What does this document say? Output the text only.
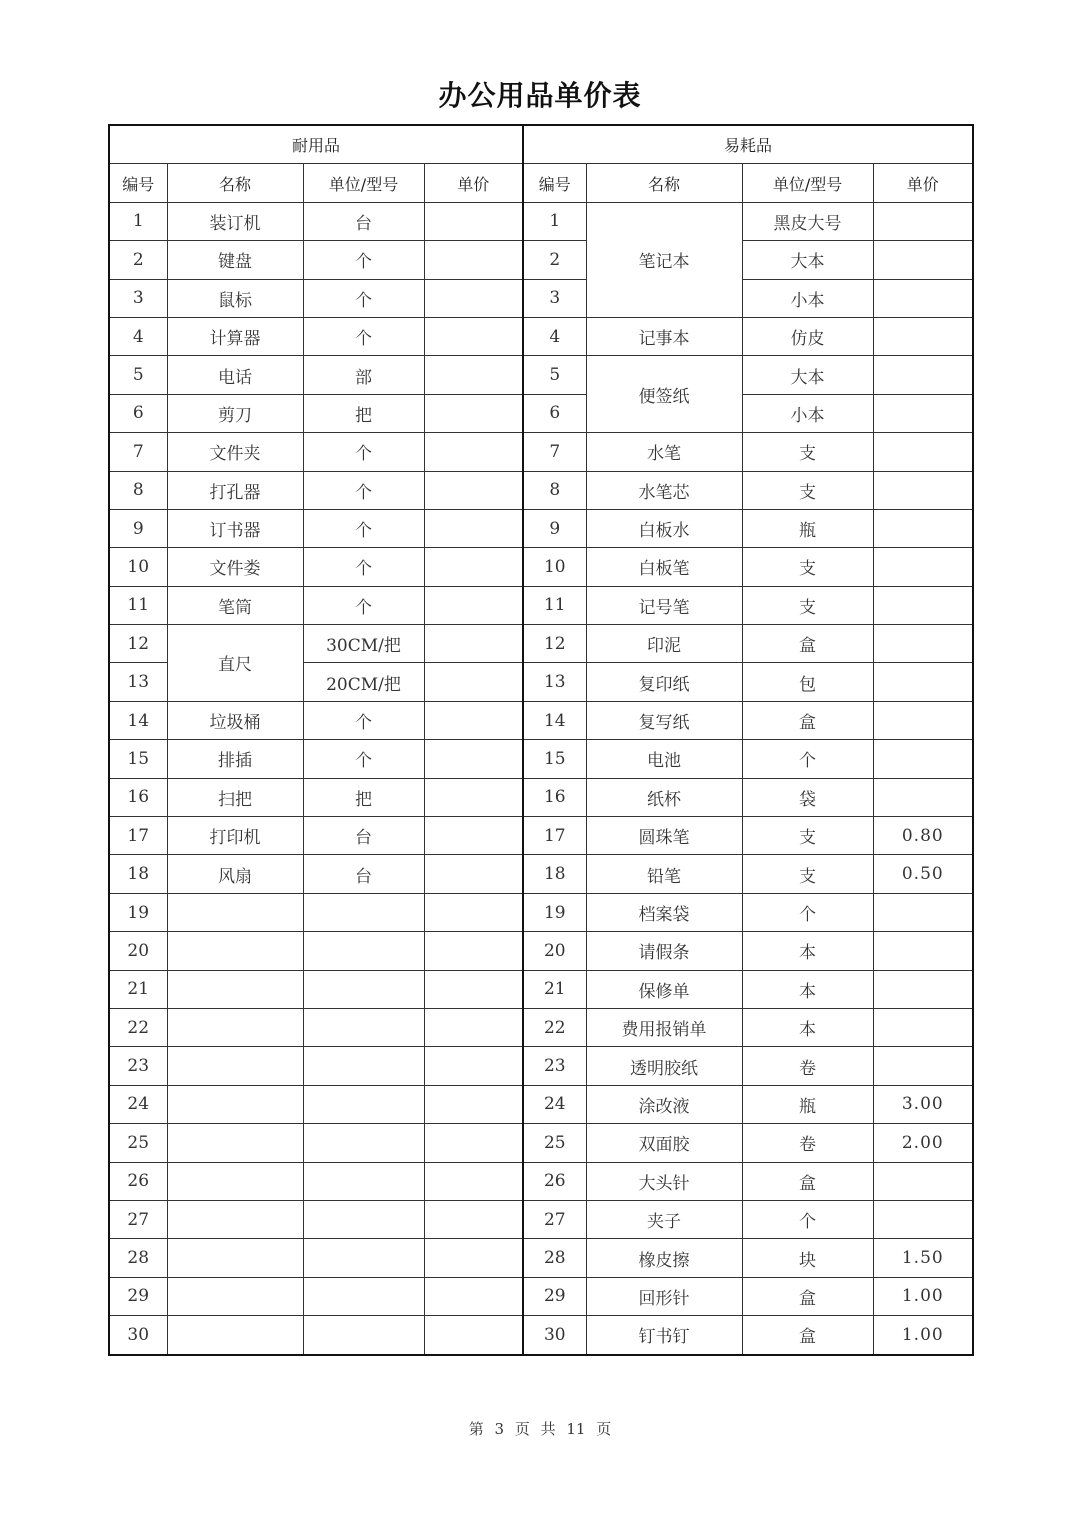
办公用品单价表
耐用品				易耗品			
编号	名称	单位/型号	单价	编号	名称	单位/型号	单价
1	装订机	台		1	笔记本	黑皮大号	
2	键盘	个		2		大本	
3	鼠标	个		3		小本	
4	计算器	个		4	记事本	仿皮	
5	电话	部		5	便签纸	大本	
6	剪刀	把		6		小本	
7	文件夹	个		7	水笔	支	
8	打孔器	个		8	水笔芯	支	
9	订书器	个		9	白板水	瓶	
10	文件娄	个		10	白板笔	支	
11	笔筒	个		11	记号笔	支	
12	直尺	30CM/把		12	印泥	盒	
13		20CM/把		13	复印纸	包	
14	垃圾桶	个		14	复写纸	盒	
15	排插	个		15	电池	个	
16	扫把	把		16	纸杯	袋	
17	打印机	台		17	圆珠笔	支	0.80
18	风扇	台		18	铅笔	支	0.50
19				19	档案袋	个	
20				20	请假条	本	
21				21	保修单	本	
22				22	费用报销单	本	
23				23	透明胶纸	卷	
24				24	涂改液	瓶	3.00
25				25	双面胶	卷	2.00
26				26	大头针	盒	
27				27	夹子	个	
28				28	橡皮擦	块	1.50
29				29	回形针	盒	1.00
30				30	钉书钉	盒	1.00
第 3 页 共 11 页
